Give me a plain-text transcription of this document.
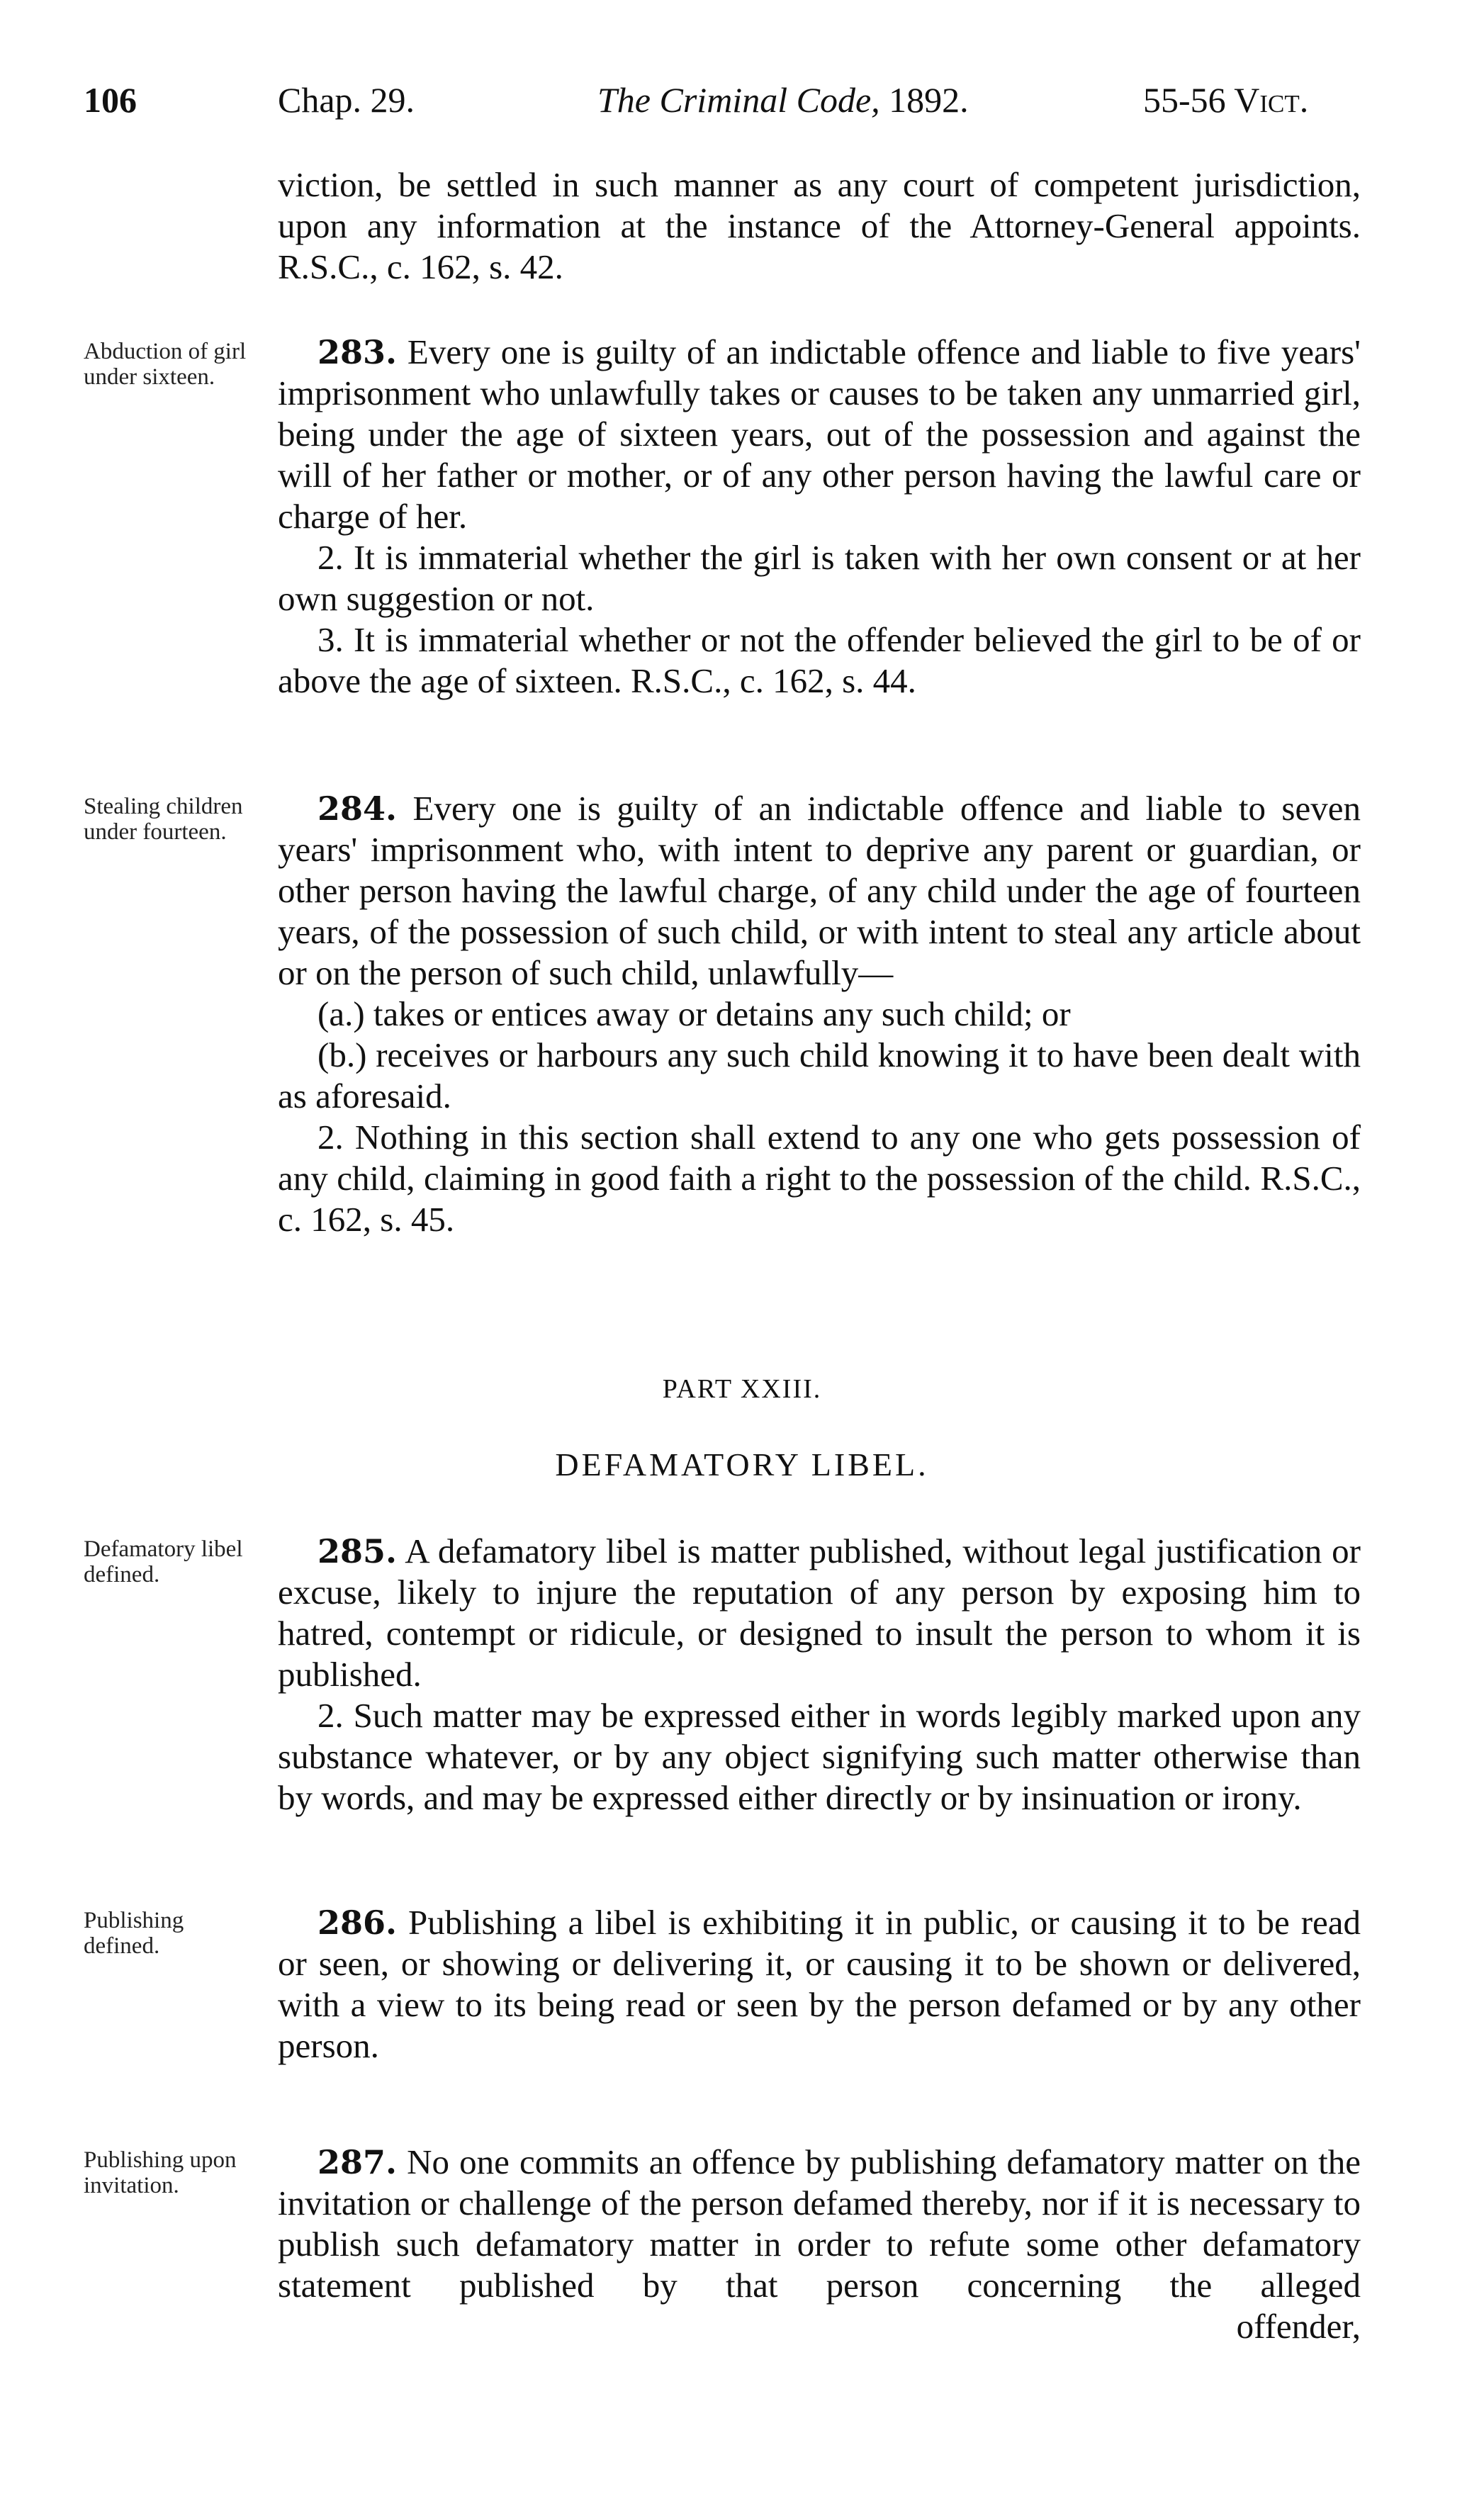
106	Chap. 29.	The Criminal Code, 1892.	55-56 Vict.

viction, be settled in such manner as any court of competent jurisdiction, upon any information at the instance of the Attorney-General appoints. R.S.C., c. 162, s. 42.

Abduction of girl under sixteen.

283. Every one is guilty of an indictable offence and liable to five years' imprisonment who unlawfully takes or causes to be taken any unmarried girl, being under the age of sixteen years, out of the possession and against the will of her father or mother, or of any other person having the lawful care or charge of her.

2. It is immaterial whether the girl is taken with her own consent or at her own suggestion or not.

3. It is immaterial whether or not the offender believed the girl to be of or above the age of sixteen. R.S.C., c. 162, s. 44.

Stealing children under fourteen.

284. Every one is guilty of an indictable offence and liable to seven years' imprisonment who, with intent to deprive any parent or guardian, or other person having the lawful charge, of any child under the age of fourteen years, of the possession of such child, or with intent to steal any article about or on the person of such child, unlawfully—

(a.) takes or entices away or detains any such child; or

(b.) receives or harbours any such child knowing it to have been dealt with as aforesaid.

2. Nothing in this section shall extend to any one who gets possession of any child, claiming in good faith a right to the possession of the child. R.S.C., c. 162, s. 45.

PART XXIII.
DEFAMATORY LIBEL.
Defamatory libel defined.

285. A defamatory libel is matter published, without legal justification or excuse, likely to injure the reputation of any person by exposing him to hatred, contempt or ridicule, or designed to insult the person to whom it is published.

2. Such matter may be expressed either in words legibly marked upon any substance whatever, or by any object signifying such matter otherwise than by words, and may be expressed either directly or by insinuation or irony.

Publishing defined.

286. Publishing a libel is exhibiting it in public, or causing it to be read or seen, or showing or delivering it, or causing it to be shown or delivered, with a view to its being read or seen by the person defamed or by any other person.

Publishing upon invitation.

287. No one commits an offence by publishing defamatory matter on the invitation or challenge of the person defamed thereby, nor if it is necessary to publish such defamatory matter in order to refute some other defamatory statement published by that person concerning the alleged

offender,
